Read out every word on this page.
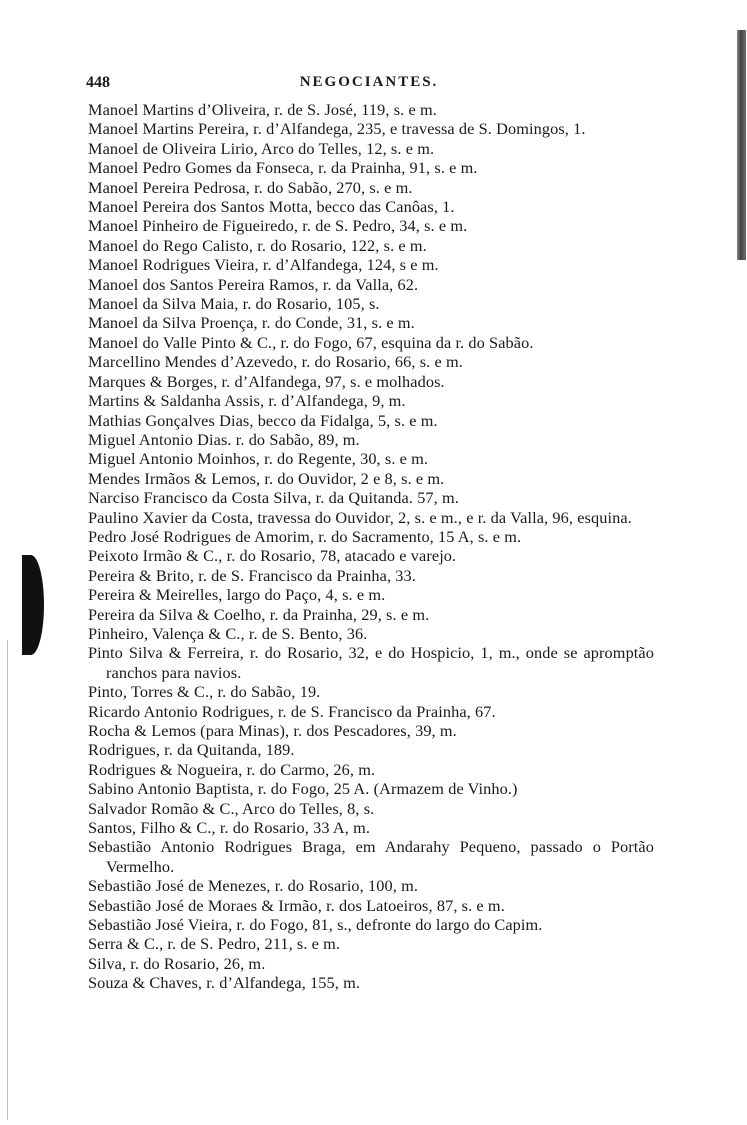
448	NEGOCIANTES.
Manoel Martins d’Oliveira, r. de S. José, 119, s. e m.
Manoel Martins Pereira, r. d’Alfandega, 235, e travessa de S. Domingos, 1.
Manoel de Oliveira Lirio, Arco do Telles, 12, s. e m.
Manoel Pedro Gomes da Fonseca, r. da Prainha, 91, s. e m.
Manoel Pereira Pedrosa, r. do Sabão, 270, s. e m.
Manoel Pereira dos Santos Motta, becco das Canôas, 1.
Manoel Pinheiro de Figueiredo, r. de S. Pedro, 34, s. e m.
Manoel do Rego Calisto, r. do Rosario, 122, s. e m.
Manoel Rodrigues Vieira, r. d’Alfandega, 124, s e m.
Manoel dos Santos Pereira Ramos, r. da Valla, 62.
Manoel da Silva Maia, r. do Rosario, 105, s.
Manoel da Silva Proença, r. do Conde, 31, s. e m.
Manoel do Valle Pinto & C., r. do Fogo, 67, esquina da r. do Sabão.
Marcellino Mendes d’Azevedo, r. do Rosario, 66, s. e m.
Marques & Borges, r. d’Alfandega, 97, s. e molhados.
Martins & Saldanha Assis, r. d’Alfandega, 9, m.
Mathias Gonçalves Dias, becco da Fidalga, 5, s. e m.
Miguel Antonio Dias. r. do Sabão, 89, m.
Miguel Antonio Moinhos, r. do Regente, 30, s. e m.
Mendes Irmãos & Lemos, r. do Ouvidor, 2 e 8, s. e m.
Narciso Francisco da Costa Silva, r. da Quitanda. 57, m.
Paulino Xavier da Costa, travessa do Ouvidor, 2, s. e m., e r. da Valla, 96, esquina.
Pedro José Rodrigues de Amorim, r. do Sacramento, 15 A, s. e m.
Peixoto Irmão & C., r. do Rosario, 78, atacado e varejo.
Pereira & Brito, r. de S. Francisco da Prainha, 33.
Pereira & Meirelles, largo do Paço, 4, s. e m.
Pereira da Silva & Coelho, r. da Prainha, 29, s. e m.
Pinheiro, Valença & C., r. de S. Bento, 36.
Pinto Silva & Ferreira, r. do Rosario, 32, e do Hospicio, 1, m., onde se apromptão ranchos para navios.
Pinto, Torres & C., r. do Sabão, 19.
Ricardo Antonio Rodrigues, r. de S. Francisco da Prainha, 67.
Rocha & Lemos (para Minas), r. dos Pescadores, 39, m.
Rodrigues, r. da Quitanda, 189.
Rodrigues & Nogueira, r. do Carmo, 26, m.
Sabino Antonio Baptista, r. do Fogo, 25 A. (Armazem de Vinho.)
Salvador Romão & C., Arco do Telles, 8, s.
Santos, Filho & C., r. do Rosario, 33 A, m.
Sebastião Antonio Rodrigues Braga, em Andarahy Pequeno, passado o Portão Vermelho.
Sebastião José de Menezes, r. do Rosario, 100, m.
Sebastião José de Moraes & Irmão, r. dos Latoeiros, 87, s. e m.
Sebastião José Vieira, r. do Fogo, 81, s., defronte do largo do Capim.
Serra & C., r. de S. Pedro, 211, s. e m.
Silva, r. do Rosario, 26, m.
Souza & Chaves, r. d’Alfandega, 155, m.
